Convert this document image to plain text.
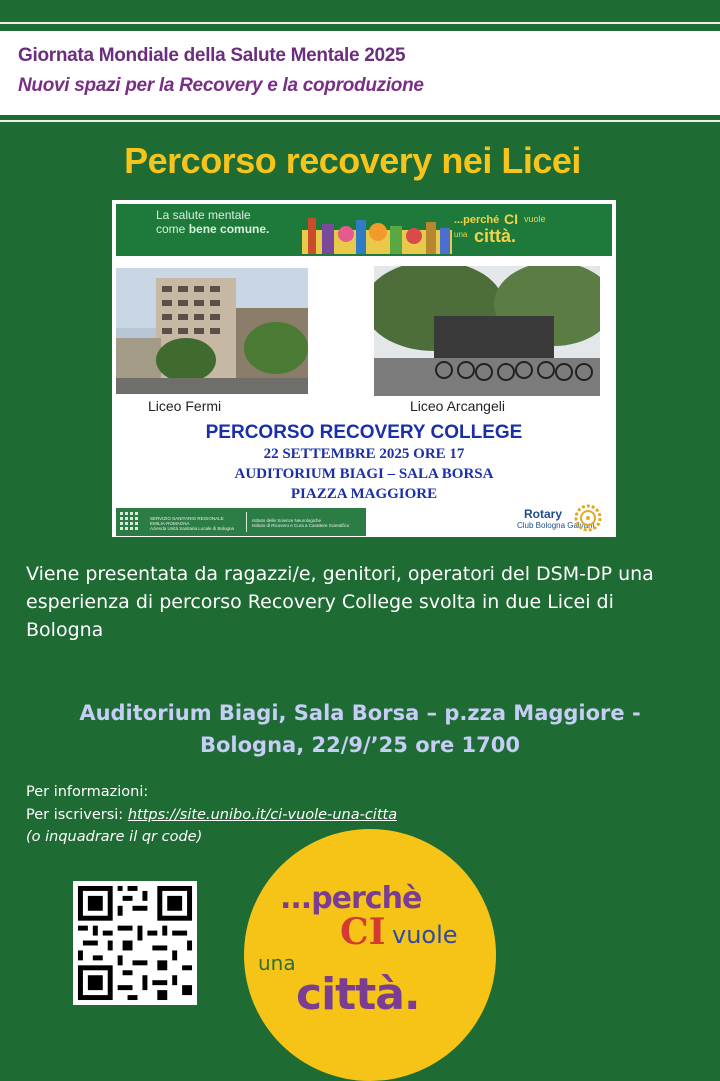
Giornata Mondiale della Salute Mentale 2025
Nuovi spazi per la Recovery e la coproduzione
Percorso recovery nei Licei
La salute mentale
come bene comune.
...perché CI vuole
una città.
Liceo Fermi	Liceo Arcangeli
PERCORSO RECOVERY COLLEGE
22 SETTEMBRE 2025 ORE 17
AUDITORIUM BIAGI – SALA BORSA
PIAZZA MAGGIORE
SERVIZIO SANITARIO REGIONALE
EMILIA-ROMAGNA
Azienda Unità Sanitaria Locale di Bologna
Istituto delle Scienze Neurologiche
Istituto di Ricovero e Cura a Carattere Scientifico
Rotary
Club Bologna Galvani
Viene presentata da ragazzi/e, genitori, operatori del DSM-DP una esperienza di percorso Recovery College svolta in due Licei di Bologna
Auditorium Biagi, Sala Borsa – p.zza Maggiore -
Bologna, 22/9/’25 ore 1700
Per informazioni:
Per iscriversi: https://site.unibo.it/ci-vuole-una-citta
(o inquadrare il qr code)
...perchè
CI vuole
una
città.
